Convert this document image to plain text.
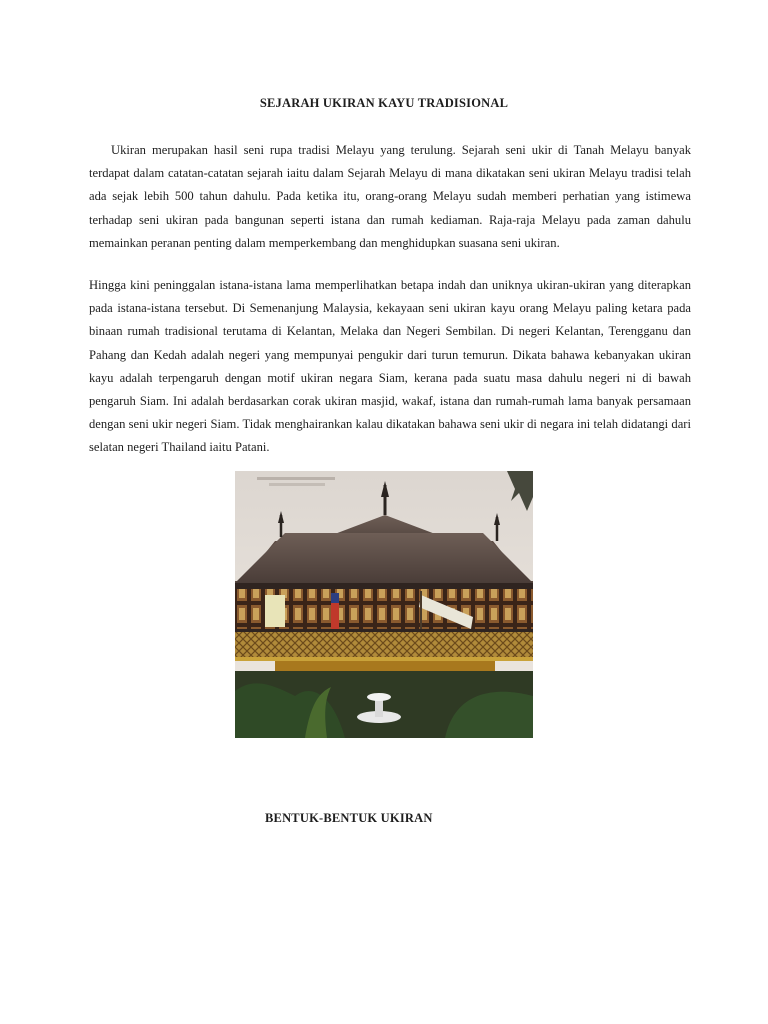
SEJARAH UKIRAN KAYU TRADISIONAL

Ukiran merupakan hasil seni rupa tradisi Melayu yang terulung. Sejarah seni ukir di Tanah Melayu banyak terdapat dalam catatan-catatan sejarah iaitu dalam Sejarah Melayu di mana dikatakan seni ukiran Melayu tradisi telah ada sejak lebih 500 tahun dahulu. Pada ketika itu, orang-orang Melayu sudah memberi perhatian yang istimewa terhadap seni ukiran pada bangunan seperti istana dan rumah kediaman. Raja-raja Melayu pada zaman dahulu memainkan peranan penting dalam memperkembang dan menghidupkan suasana seni ukiran.

Hingga kini peninggalan istana-istana lama memperlihatkan betapa indah dan uniknya ukiran-ukiran yang diterapkan pada istana-istana tersebut. Di Semenanjung Malaysia, kekayaan seni ukiran kayu orang Melayu paling ketara pada binaan rumah tradisional terutama di Kelantan, Melaka dan Negeri Sembilan. Di negeri Kelantan, Terengganu dan Pahang dan Kedah adalah negeri yang mempunyai pengukir dari turun temurun. Dikata bahawa kebanyakan ukiran kayu adalah terpengaruh dengan motif ukiran negara Siam, kerana pada suatu masa dahulu negeri ni di bawah pengaruh Siam. Ini adalah berdasarkan corak ukiran masjid, wakaf, istana dan rumah-rumah lama banyak persamaan dengan seni ukir negeri Siam. Tidak menghairankan kalau dikatakan bahawa seni ukir di negara ini telah didatangi dari selatan negeri Thailand iaitu Patani.

BENTUK-BENTUK UKIRAN
